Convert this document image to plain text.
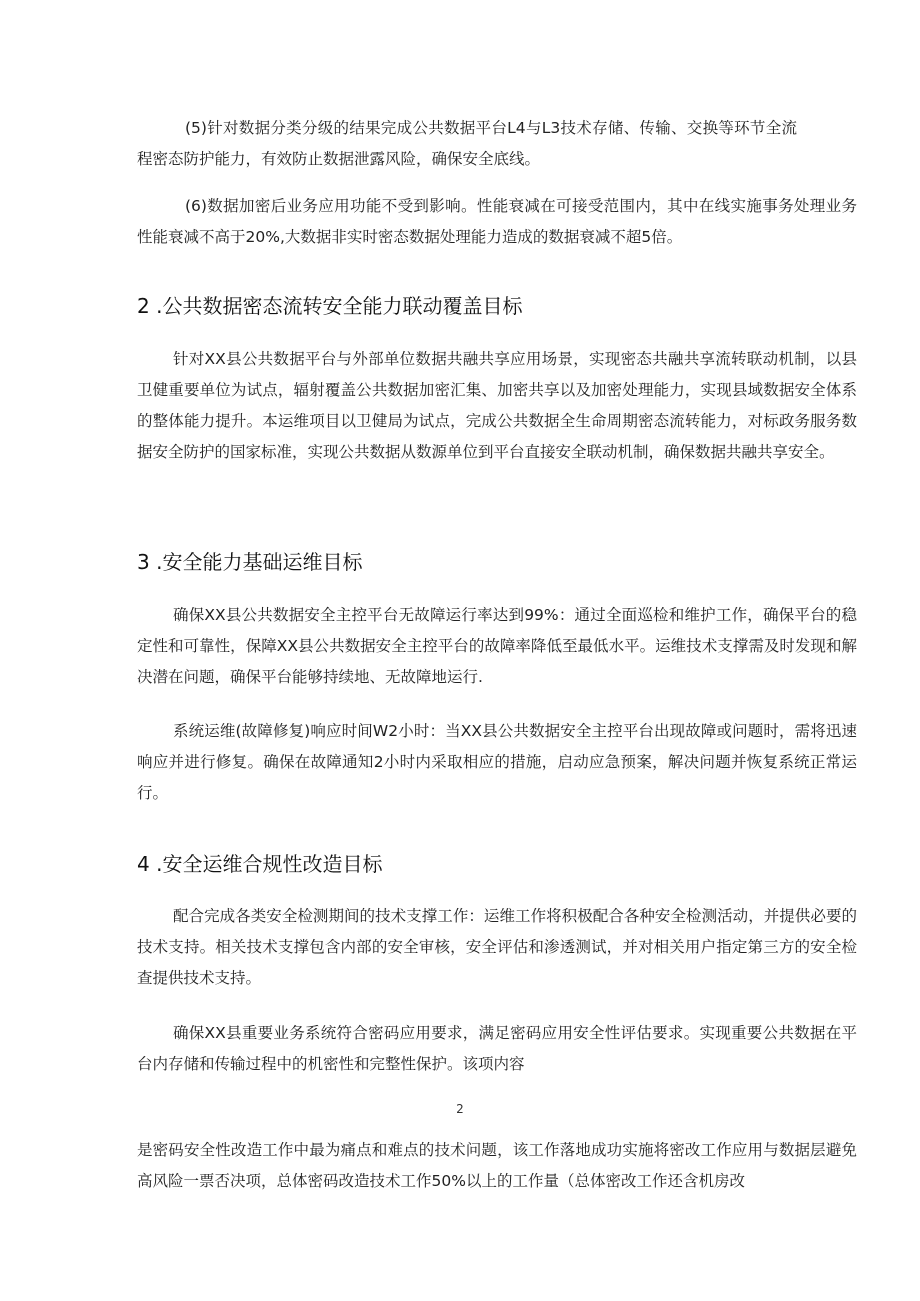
(5)针对数据分类分级的结果完成公共数据平台L4与L3技术存储、传输、交换等环节全流程密态防护能力，有效防止数据泄露风险，确保安全底线。

(6)数据加密后业务应用功能不受到影响。性能衰减在可接受范围内，其中在线实施事务处理业务性能衰减不高于20%,大数据非实时密态数据处理能力造成的数据衰减不超5倍。

2 .公共数据密态流转安全能力联动覆盖目标

针对XX县公共数据平台与外部单位数据共融共享应用场景，实现密态共融共享流转联动机制，以县卫健重要单位为试点，辐射覆盖公共数据加密汇集、加密共享以及加密处理能力，实现县域数据安全体系的整体能力提升。本运维项目以卫健局为试点，完成公共数据全生命周期密态流转能力，对标政务服务数据安全防护的国家标准，实现公共数据从数源单位到平台直接安全联动机制，确保数据共融共享安全。

3 .安全能力基础运维目标

确保XX县公共数据安全主控平台无故障运行率达到99%：通过全面巡检和维护工作，确保平台的稳定性和可靠性，保障XX县公共数据安全主控平台的故障率降低至最低水平。运维技术支撑需及时发现和解决潜在问题，确保平台能够持续地、无故障地运行.

系统运维(故障修复)响应时间W2小时：当XX县公共数据安全主控平台出现故障或问题时，需将迅速响应并进行修复。确保在故障通知2小时内采取相应的措施，启动应急预案，解决问题并恢复系统正常运行。

4 .安全运维合规性改造目标

配合完成各类安全检测期间的技术支撑工作：运维工作将积极配合各种安全检测活动，并提供必要的技术支持。相关技术支撑包含内部的安全审核，安全评估和渗透测试，并对相关用户指定第三方的安全检查提供技术支持。

确保XX县重要业务系统符合密码应用要求，满足密码应用安全性评估要求。实现重要公共数据在平台内存储和传输过程中的机密性和完整性保护。该项内容

2

是密码安全性改造工作中最为痛点和难点的技术问题，该工作落地成功实施将密改工作应用与数据层避免高风险一票否决项，总体密码改造技术工作50%以上的工作量（总体密改工作还含机房改
